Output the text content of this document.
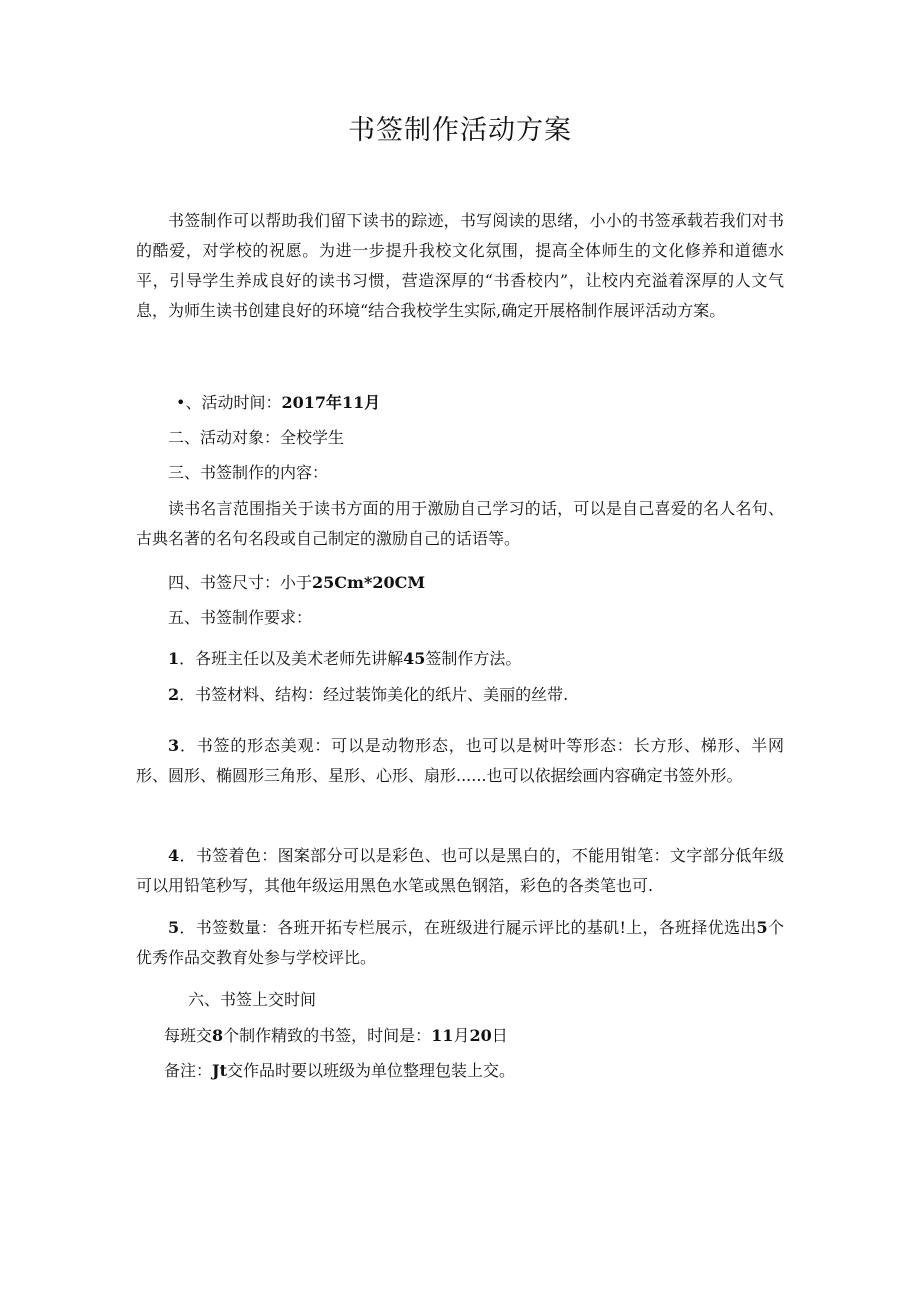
书签制作活动方案

书签制作可以帮助我们留下读书的踪迹，书写阅读的思绪，小小的书签承载若我们对书的酷爱，对学校的祝愿。为进一步提升我校文化氛围，提高全体师生的文化修养和道德水平，引导学生养成良好的读书习惯，营造深厚的“书香校内”，让校内充溢着深厚的人文气息，为师生读书创建良好的环境“结合我校学生实际,确定开展格制作展评活动方案。

•、活动时间：2017年11月
二、活动对象：全校学生
三、书签制作的内容：

读书名言范围指关于读书方面的用于激励自己学习的话，可以是自己喜爱的名人名句、古典名著的名句名段或自己制定的激励自己的话语等。

四、书签尺寸：小于25Cm*20CM
五、书签制作要求：
1．各班主任以及美术老师先讲解45签制作方法。
2．书签材料、结构：经过装饰美化的纸片、美丽的丝带.

3．书签的形态美观：可以是动物形态，也可以是树叶等形态：长方形、梯形、半网形、圆形、椭圆形三角形、星形、心形、扇形......也可以依据绘画内容确定书签外形。

4．书签着色：图案部分可以是彩色、也可以是黑白的，不能用钳笔：文字部分低年级可以用铅笔秒写，其他年级运用黑色水笔或黑色钢箔，彩色的各类笔也可.

5．书签数量：各班开拓专栏展示，在班级进行屣示评比的基矶!上，各班择优选出5个优秀作品交教育处参与学校评比。

六、书签上交时间
每班交8个制作精致的书签，时间是：11月20日
备注：Jt交作品时要以班级为单位整理包装上交。
